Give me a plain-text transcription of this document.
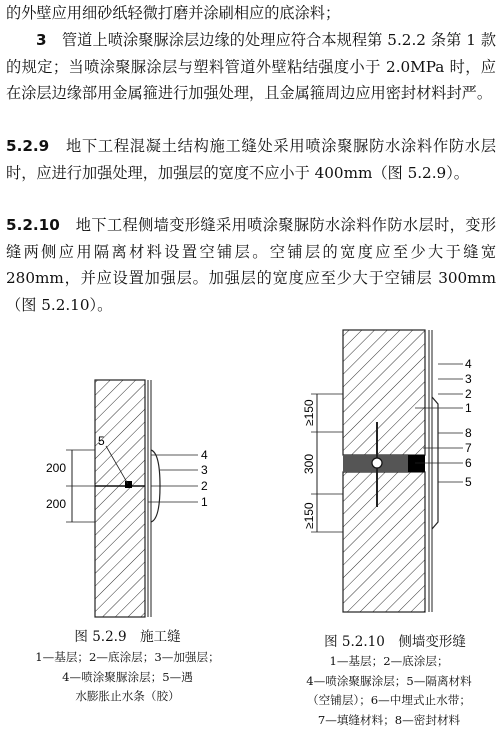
的外壁应用细砂纸轻微打磨并涂刷相应的底涂料；

3　 管道上喷涂聚脲涂层边缘的处理应符合本规程第 5.2.2 条第 1 款的规定；当喷涂聚脲涂层与塑料管道外壁粘结强度小于 2.0MPa 时，应在涂层边缘部用金属箍进行加强处理，且金属箍周边应用密封材料封严。

5.2.9　 地下工程混凝土结构施工缝处采用喷涂聚脲防水涂料作防水层时，应进行加强处理，加强层的宽度不应小于 400mm（图 5.2.9）。

5.2.10　 地下工程侧墙变形缝采用喷涂聚脲防水涂料作防水层时，变形缝两侧应用隔离材料设置空铺层。空铺层的宽度应至少大于缝宽 280mm，并应设置加强层。加强层的宽度应至少大于空铺层 300mm（图 5.2.10）。

5
4
3
2
1
200
200
图 5.2.9　施工缝
1—基层；2—底涂层；3—加强层；
4—喷涂聚脲涂层；5—遇
水膨胀止水条（胶）
4
3
2
1
8
7
6
5
≥150
300
≥150
图 5.2.10　侧墙变形缝
1—基层；2—底涂层；
4—喷涂聚脲涂层；5—隔离材料
（空铺层）；6—中埋式止水带；
7—填缝材料；8—密封材料
